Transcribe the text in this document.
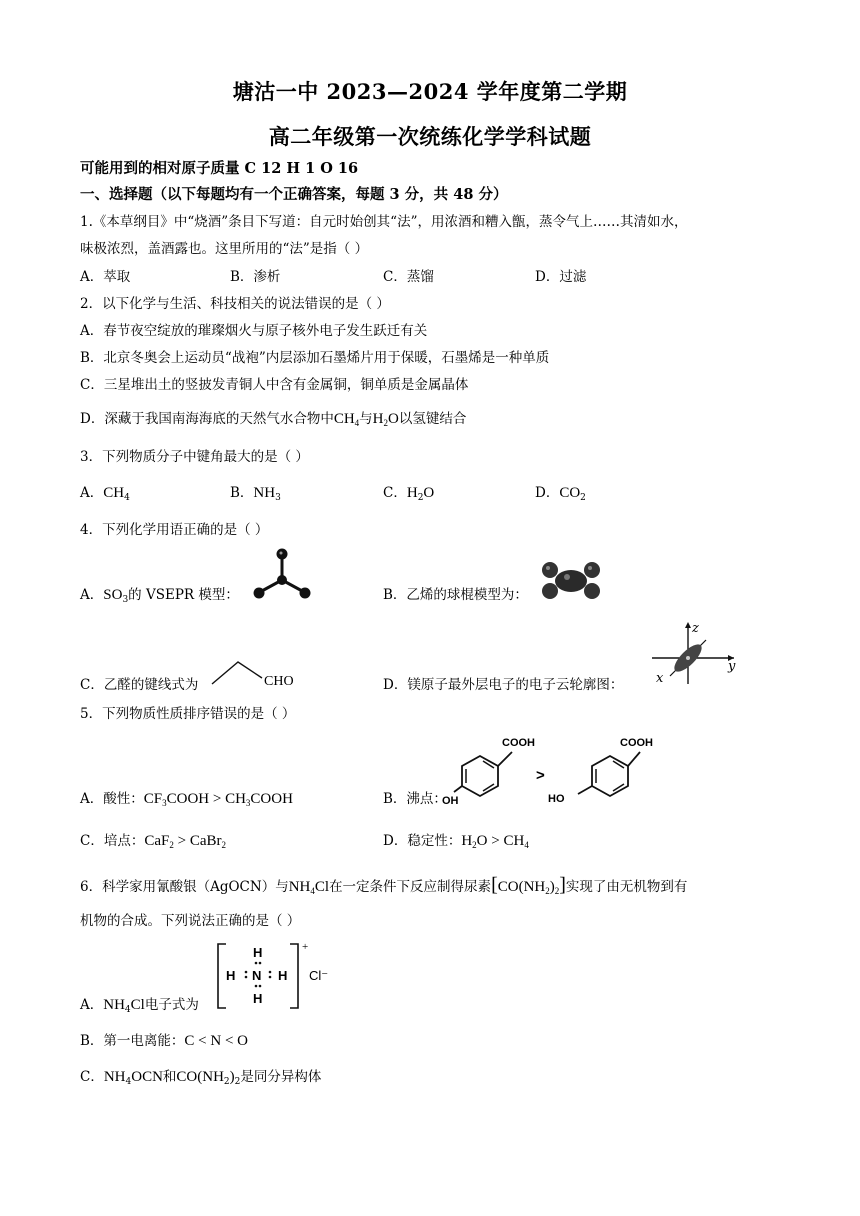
塘沽一中 2023—2024 学年度第二学期
高二年级第一次统练化学学科试题
可能用到的相对原子质量 C 12 H 1 O 16
一、选择题（以下每题均有一个正确答案，每题 3 分，共 48 分）
1.《本草纲目》中“烧酒”条目下写道：自元时始创其“法”，用浓酒和糟入甑，蒸令气上……其清如水，
味极浓烈，盖酒露也。这里所用的“法”是指（ ）
A．萃取	B．渗析	C．蒸馏	D．过滤
2．以下化学与生活、科技相关的说法错误的是（ ）
A．春节夜空绽放的璀璨烟火与原子核外电子发生跃迁有关
B．北京冬奥会上运动员“战袍”内层添加石墨烯片用于保暖，石墨烯是一种单质
C．三星堆出土的竖披发青铜人中含有金属铜，铜单质是金属晶体
D．深藏于我国南海海底的天然气水合物中$CH_4$与$H_2O$以氢键结合
3．下列物质分子中键角最大的是（ ）
A．$CH_4$	B．$NH_3$	C．$H_2O$	D．$CO_2$
4．下列化学用语正确的是（ ）
A．$SO_3$的 VSEPR 模型：	B．乙烯的球棍模型为：
C．乙醛的键线式为	CHO	D．镁原子最外层电子的电子云轮廓图：
z
y
x
5．下列物质性质排序错误的是（ ）
A．酸性：$CF_3COOH$ > $CH_3COOH$	B．沸点：
COOH
OH
>
COOH
HO
C．培点：CaF$_2$ > CaBr$_2$	D．稳定性：$H_2O > CH_4$
6．科学家用氰酸银（AgOCN）与$NH_4Cl$在一定条件下反应制得尿素$[CO(NH_2)_2]$实现了由无机物到有
机物的合成。下列说法正确的是（ ）
A．$NH_4Cl$电子式为
+
H
H N H
H
Cl⁻
B．第一电离能：C < N < O
C．$NH_4OCN$和$CO(NH_2)_2$是同分异构体
